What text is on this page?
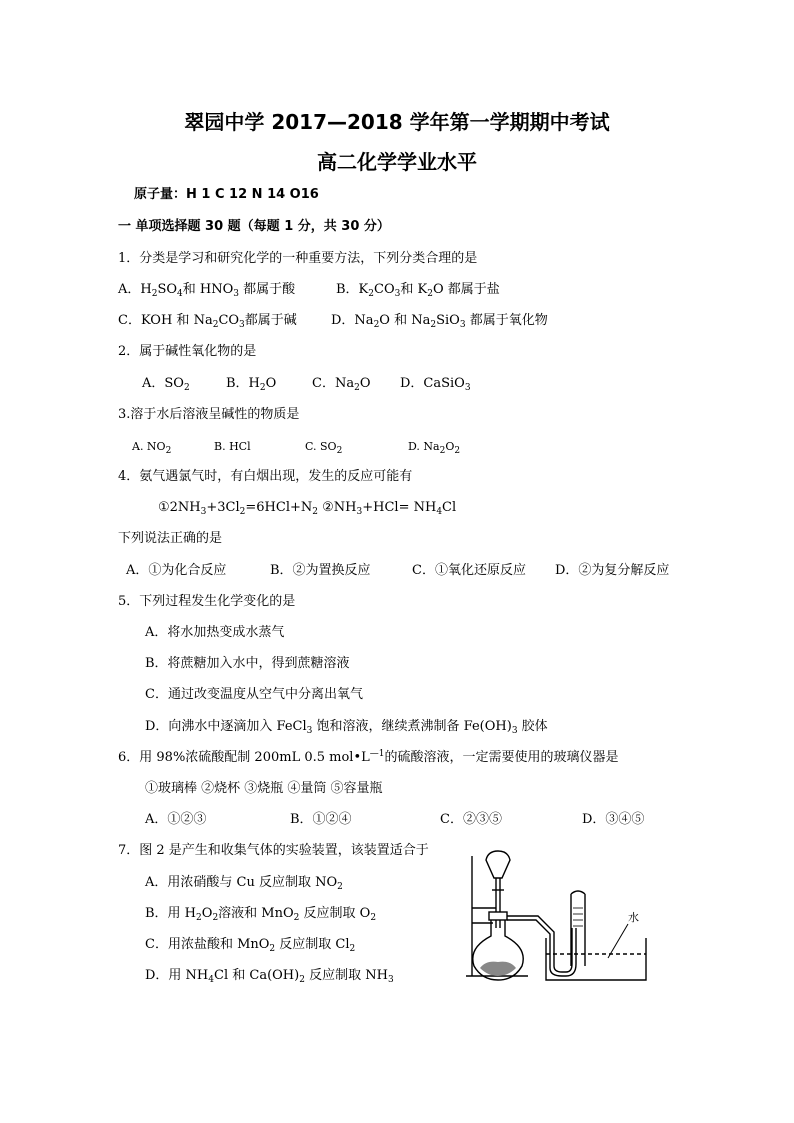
翠园中学 2017—2018 学年第一学期期中考试
高二化学学业水平
原子量：H 1 C 12 N 14 O16
一 单项选择题 30 题（每题 1 分，共 30 分）
1．分类是学习和研究化学的一种重要方法，下列分类合理的是
A．$H_2SO_4$和 $HNO_3$ 都属于酸	B．$K_2CO_3$和 $K_2O$ 都属于盐
C．KOH 和 $Na_2CO_3$都属于碱	D．$Na_2O$ 和 $Na_2SiO_3$ 都属于氧化物
2．属于碱性氧化物的是
A．$SO_2$	B．$H_2O$	C．$Na_2O$ D．CaSiO$_3$
3.溶于水后溶液呈碱性的物质是
A. $NO_2$	B. HCl	C. $SO_2$	D. $Na_2O_2$
4．氨气遇氯气时，有白烟出现，发生的反应可能有
$①2NH_3+3Cl_2=6HCl+N_2$ $②NH_3+HCl= NH_4Cl$
下列说法正确的是
A．①为化合反应	B．②为置换反应	C．①氧化还原反应 D．②为复分解反应
5．下列过程发生化学变化的是
A．将水加热变成水蒸气
B．将蔗糖加入水中，得到蔗糖溶液
C．通过改变温度从空气中分离出氧气
D．向沸水中逐滴加入 FeCl$_3$ 饱和溶液，继续煮沸制备 $Fe(OH)_3$ 胶体
6．用 98%浓硫酸配制 200mL 0.5 $mol•L^{—1}$的硫酸溶液，一定需要使用的玻璃仪器是
①玻璃棒 ②烧杯 ③烧瓶 ④量筒 ⑤容量瓶
A．①②③	B．①②④	C．②③⑤	D．③④⑤
7．图 2 是产生和收集气体的实验装置，该装置适合于
A．用浓硝酸与 Cu 反应制取 $NO_2$
B．用 $H_2O_2$溶液和 MnO$_2$ 反应制取 $O_2$
C．用浓盐酸和 MnO$_2$ 反应制取 $Cl_2$
D．用 $NH_4Cl$ 和 $Ca(OH)_2$ 反应制取 $NH_3$
水
